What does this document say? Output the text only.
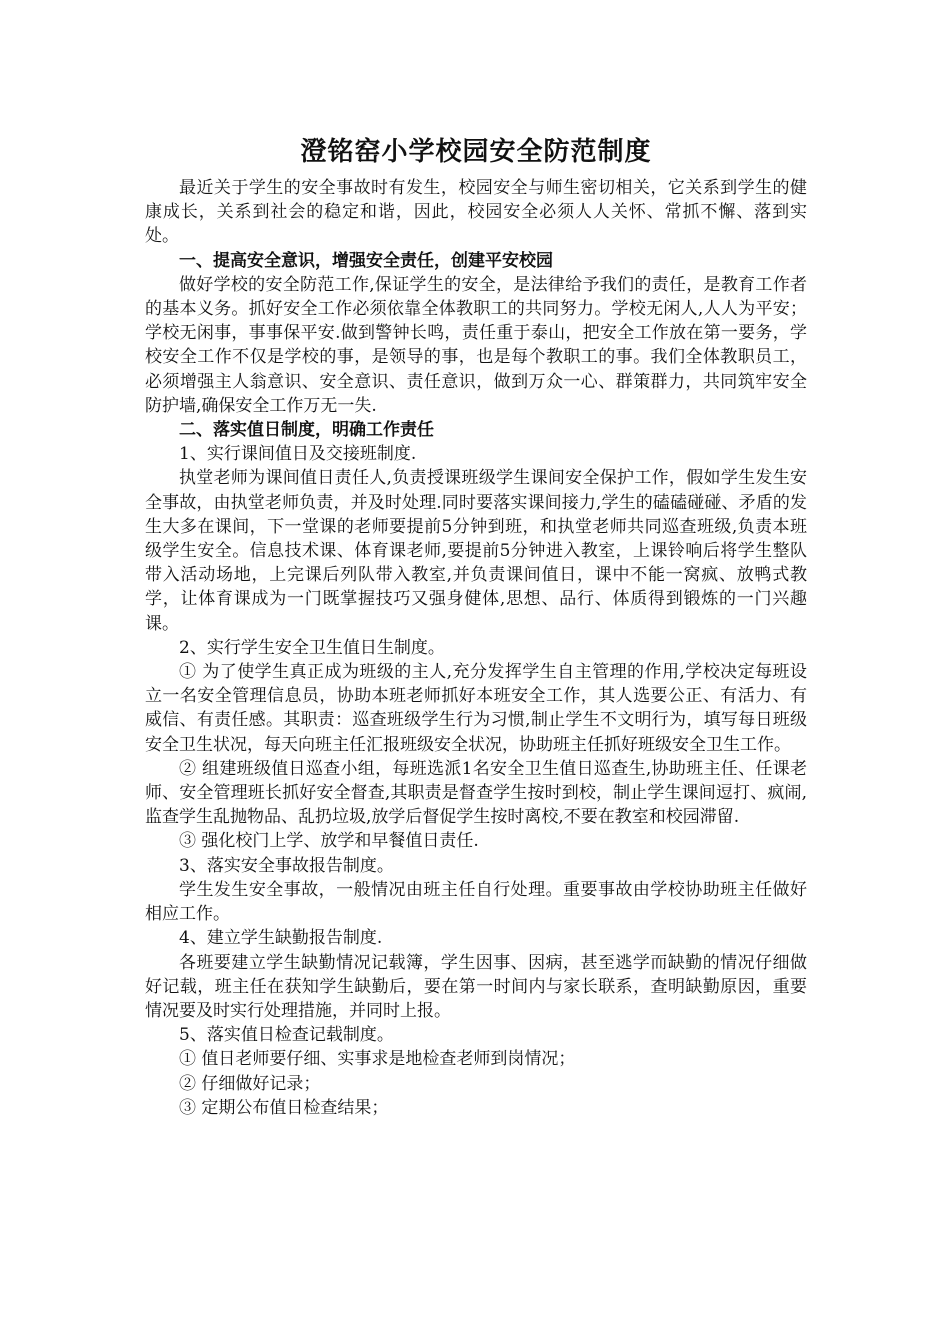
澄铭窑小学校园安全防范制度

最近关于学生的安全事故时有发生，校园安全与师生密切相关，它关系到学生的健康成长，关系到社会的稳定和谐，因此，校园安全必须人人关怀、常抓不懈、落到实处。

一、提高安全意识，增强安全责任，创建平安校园

做好学校的安全防范工作,保证学生的安全，是法律给予我们的责任，是教育工作者的基本义务。抓好安全工作必须依靠全体教职工的共同努力。学校无闲人,人人为平安；学校无闲事，事事保平安.做到警钟长鸣，责任重于泰山，把安全工作放在第一要务，学校安全工作不仅是学校的事，是领导的事，也是每个教职工的事。我们全体教职员工，必须增强主人翁意识、安全意识、责任意识，做到万众一心、群策群力，共同筑牢安全防护墙,确保安全工作万无一失.

二、落实值日制度，明确工作责任

1、实行课间值日及交接班制度.

执堂老师为课间值日责任人,负责授课班级学生课间安全保护工作，假如学生发生安全事故，由执堂老师负责，并及时处理.同时要落实课间接力,学生的磕磕碰碰、矛盾的发生大多在课间，下一堂课的老师要提前5分钟到班，和执堂老师共同巡查班级,负责本班级学生安全。信息技术课、体育课老师,要提前5分钟进入教室，上课铃响后将学生整队带入活动场地，上完课后列队带入教室,并负责课间值日，课中不能一窝疯、放鸭式教学，让体育课成为一门既掌握技巧又强身健体,思想、品行、体质得到锻炼的一门兴趣课。

2、实行学生安全卫生值日生制度。

① 为了使学生真正成为班级的主人,充分发挥学生自主管理的作用,学校决定每班设立一名安全管理信息员，协助本班老师抓好本班安全工作，其人选要公正、有活力、有威信、有责任感。其职责：巡查班级学生行为习惯,制止学生不文明行为，填写每日班级安全卫生状况，每天向班主任汇报班级安全状况，协助班主任抓好班级安全卫生工作。

② 组建班级值日巡查小组，每班选派1名安全卫生值日巡查生,协助班主任、任课老师、安全管理班长抓好安全督查,其职责是督查学生按时到校，制止学生课间逗打、疯闹,监查学生乱抛物品、乱扔垃圾,放学后督促学生按时离校,不要在教室和校园滞留.

③ 强化校门上学、放学和早餐值日责任.

3、落实安全事故报告制度。

学生发生安全事故，一般情况由班主任自行处理。重要事故由学校协助班主任做好相应工作。

4、建立学生缺勤报告制度.

各班要建立学生缺勤情况记载簿，学生因事、因病，甚至逃学而缺勤的情况仔细做好记载，班主任在获知学生缺勤后，要在第一时间内与家长联系，查明缺勤原因，重要情况要及时实行处理措施，并同时上报。

5、落实值日检查记载制度。

① 值日老师要仔细、实事求是地检查老师到岗情况；

② 仔细做好记录；

③ 定期公布值日检查结果；
